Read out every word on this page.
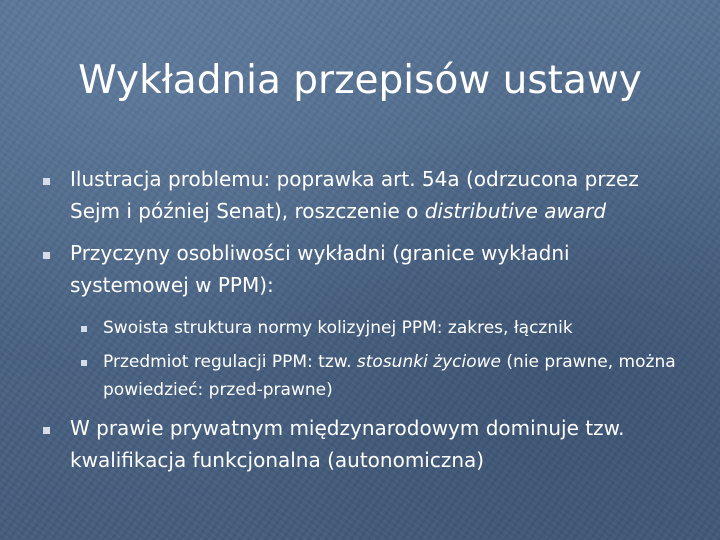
Wykładnia przepisów ustawy
Ilustracja problemu: poprawka art. 54a (odrzucona przez Sejm i później Senat), roszczenie o distributive award
Przyczyny osobliwości wykładni (granice wykładni systemowej w PPM):
Swoista struktura normy kolizyjnej PPM: zakres, łącznik
Przedmiot regulacji PPM: tzw. stosunki życiowe (nie prawne, można powiedzieć: przed-prawne)
W prawie prywatnym międzynarodowym dominuje tzw. kwalifikacja funkcjonalna (autonomiczna)
